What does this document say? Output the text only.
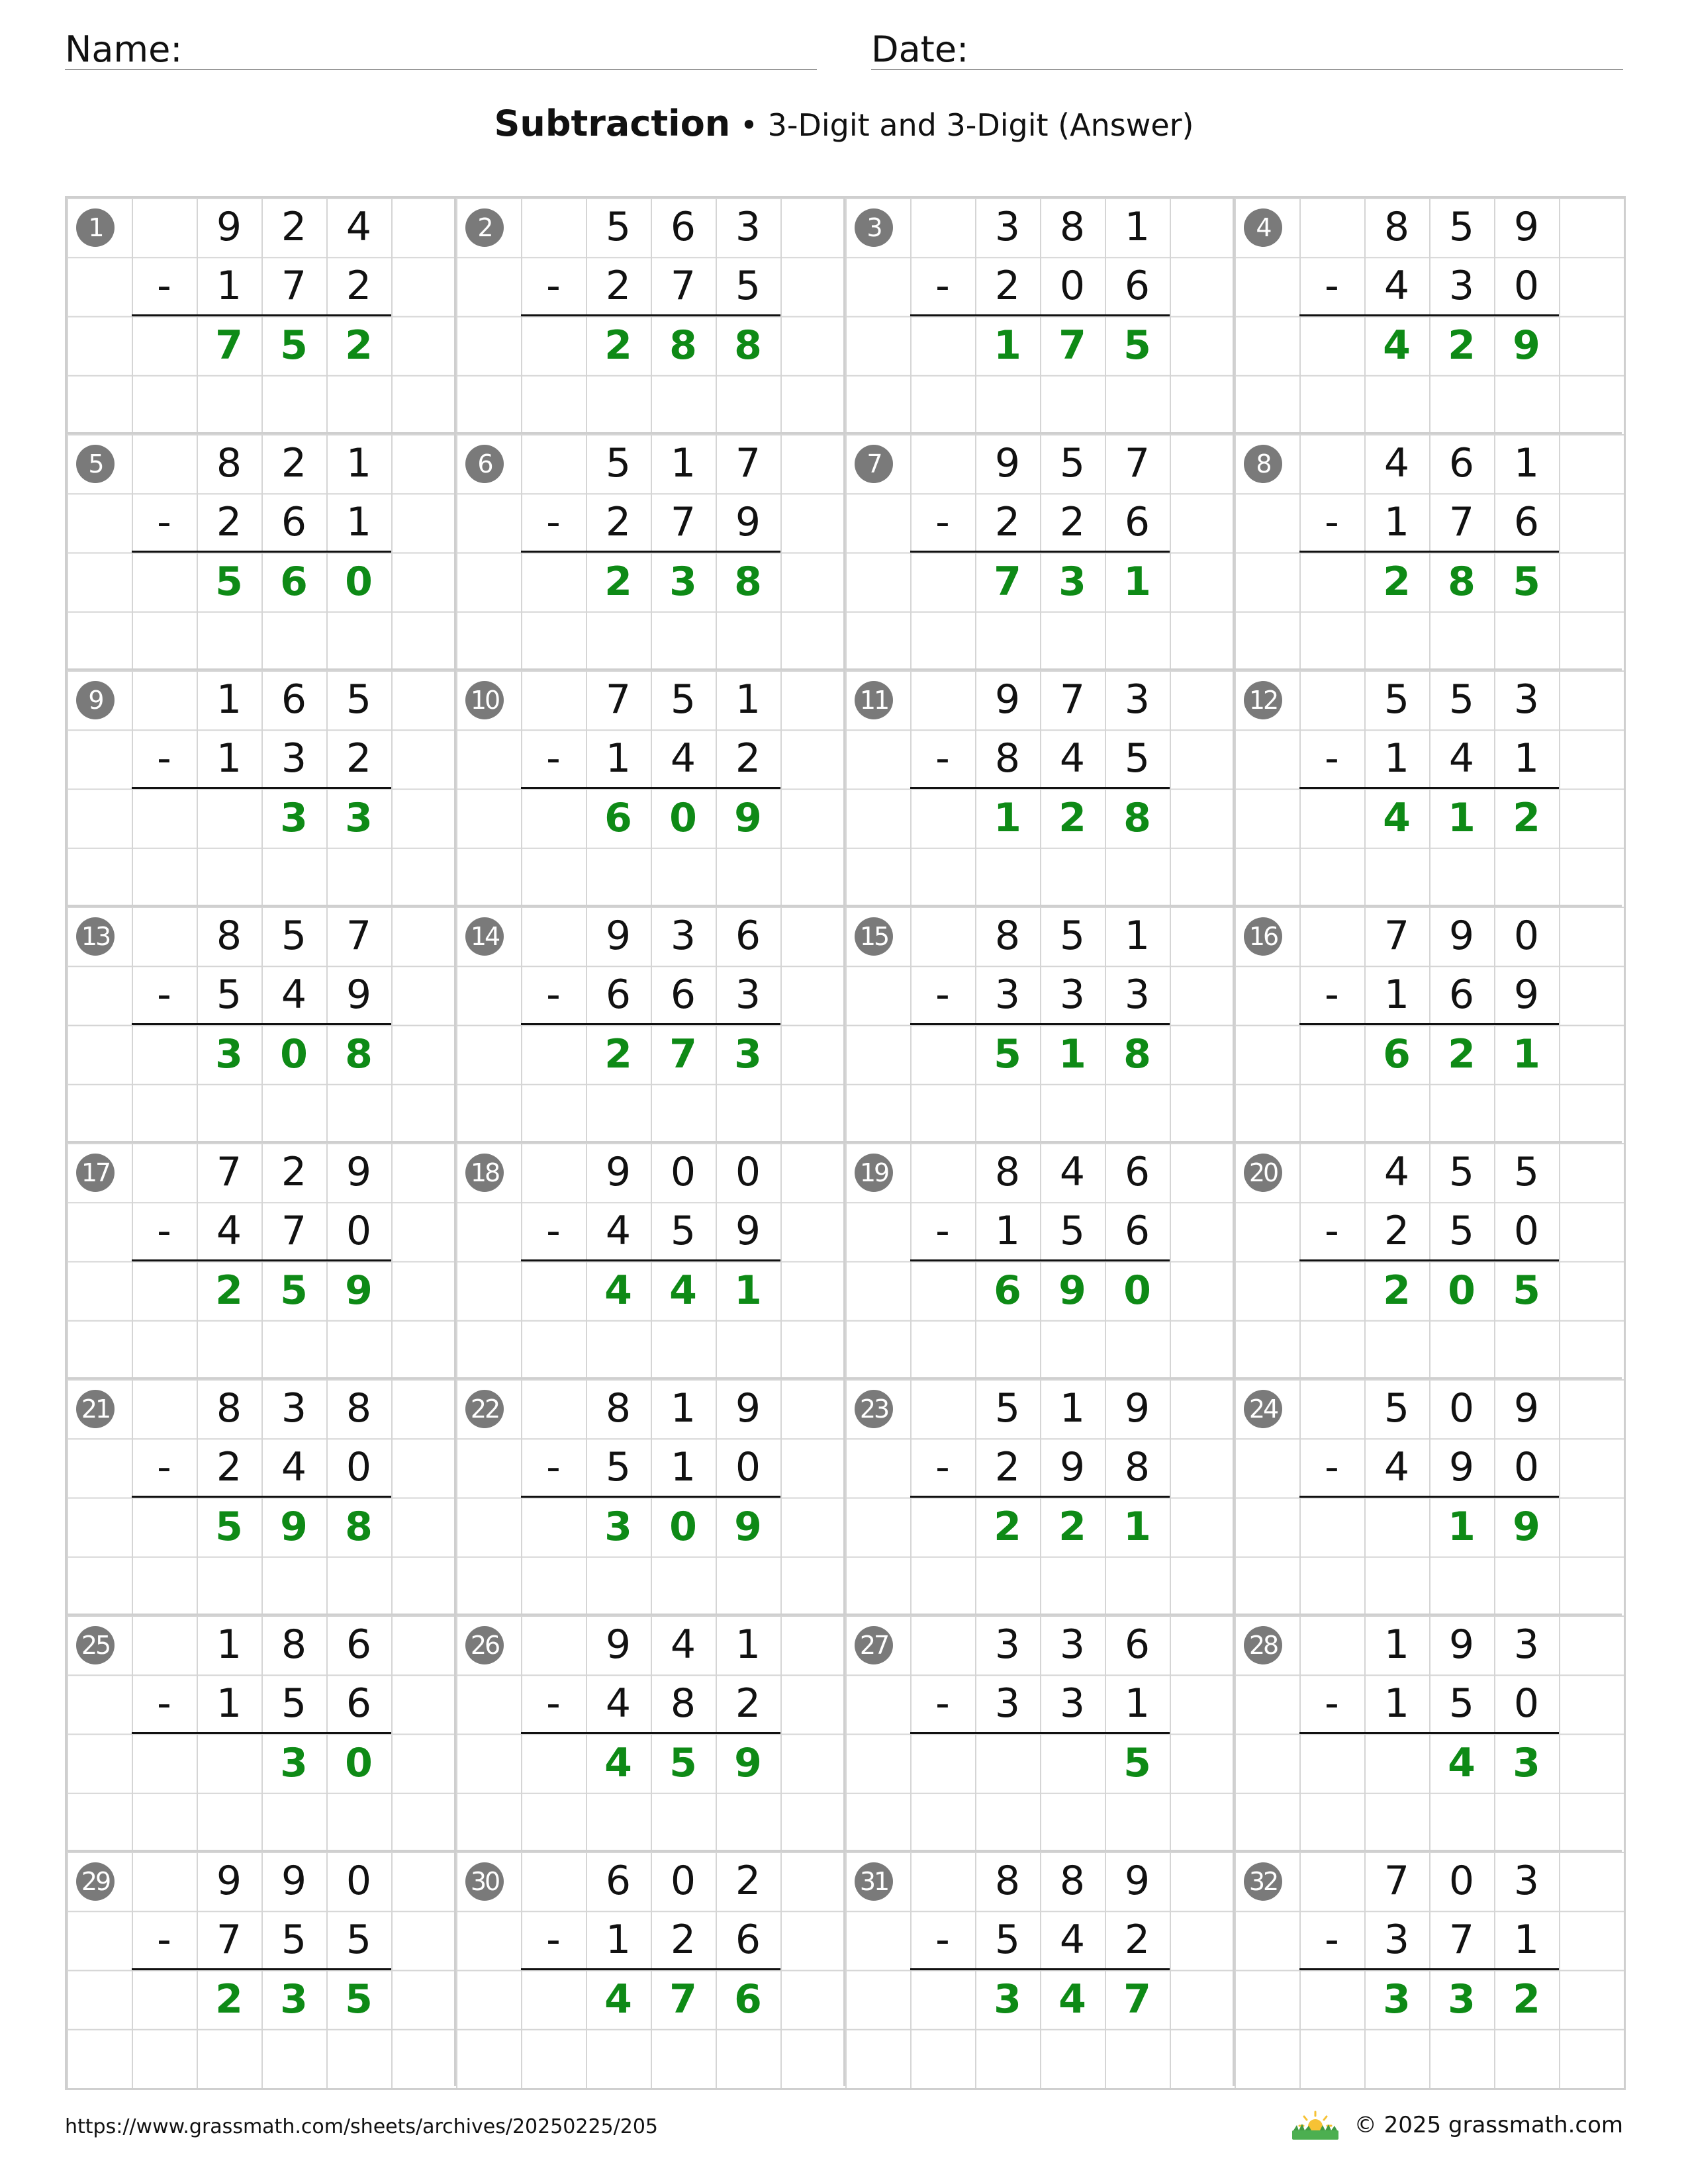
Name:	Date:
Subtraction • 3-Digit and 3-Digit (Answer)
1	9 2 4
-	1 7 2
7 5 2
2	5 6 3
-	2 7 5
2 8 8
3	3 8 1
-	2 0 6
1 7 5
4	8 5 9
-	4 3 0
4 2 9
5	8 2 1
-	2 6 1
5 6 0
6	5 1 7
-	2 7 9
2 3 8
7	9 5 7
-	2 2 6
7 3 1
8	4 6 1
-	1 7 6
2 8 5
9	1 6 5
-	1 3 2
3 3
10	7 5 1
-	1 4 2
6 0 9
11	9 7 3
-	8 4 5
1 2 8
12	5 5 3
-	1 4 1
4 1 2
13	8 5 7
-	5 4 9
3 0 8
14	9 3 6
-	6 6 3
2 7 3
15	8 5 1
-	3 3 3
5 1 8
16	7 9 0
-	1 6 9
6 2 1
17	7 2 9
-	4 7 0
2 5 9
18	9 0 0
-	4 5 9
4 4 1
19	8 4 6
-	1 5 6
6 9 0
20	4 5 5
-	2 5 0
2 0 5
21	8 3 8
-	2 4 0
5 9 8
22	8 1 9
-	5 1 0
3 0 9
23	5 1 9
-	2 9 8
2 2 1
24	5 0 9
-	4 9 0
1 9
25	1 8 6
-	1 5 6
3 0
26	9 4 1
-	4 8 2
4 5 9
27	3 3 6
-	3 3 1
5
28	1 9 3
-	1 5 0
4 3
29	9 9 0
-	7 5 5
2 3 5
30	6 0 2
-	1 2 6
4 7 6
31	8 8 9
-	5 4 2
3 4 7
32	7 0 3
-	3 7 1
3 3 2
https://www.grassmath.com/sheets/archives/20250225/205	© 2025 grassmath.com
